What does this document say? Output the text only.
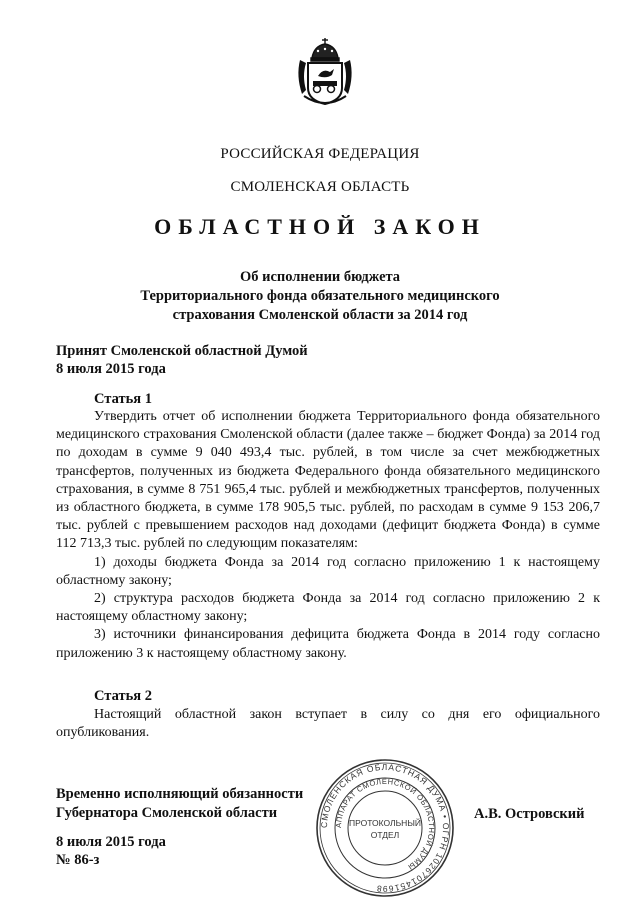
РОССИЙСКАЯ ФЕДЕРАЦИЯ
СМОЛЕНСКАЯ ОБЛАСТЬ
ОБЛАСТНОЙ ЗАКОН
Об исполнении бюджета
Территориального фонда обязательного медицинского
страхования Смоленской области за 2014 год
Принят Смоленской областной Думой
8 июля 2015 года
Статья 1

Утвердить отчет об исполнении бюджета Территориального фонда обязательного медицинского страхования Смоленской области (далее также – бюджет Фонда) за 2014 год по доходам в сумме 9 040 493,4 тыс. рублей, в том числе за счет межбюджетных трансфертов, полученных из бюджета Федерального фонда обязательного медицинского страхования, в сумме 8 751 965,4 тыс. рублей и межбюджетных трансфертов, полученных из областного бюджета, в сумме 178 905,5 тыс. рублей, по расходам в сумме 9 153 206,7 тыс. рублей с превышением расходов над доходами (дефицит бюджета Фонда) в сумме 112 713,3 тыс. рублей по следующим показателям:

1) доходы бюджета Фонда за 2014 год согласно приложению 1 к настоящему областному закону;

2) структура расходов бюджета Фонда за 2014 год согласно приложению 2 к настоящему областному закону;

3) источники финансирования дефицита бюджета Фонда в 2014 году согласно приложению 3 к настоящему областному закону.

Статья 2

Настоящий областной закон вступает в силу со дня его официального опубликования.

Временно исполняющий обязанности
Губернатора Смоленской области	А.В. Островский
8 июля 2015 года
№ 86-з
СМОЛЕНСКАЯ ОБЛАСТНАЯ ДУМА • ОГРН 1026701451698
АППАРАТ СМОЛЕНСКОЙ ОБЛАСТНОЙ ДУМЫ
ПРОТОКОЛЬНЫЙ
ОТДЕЛ
